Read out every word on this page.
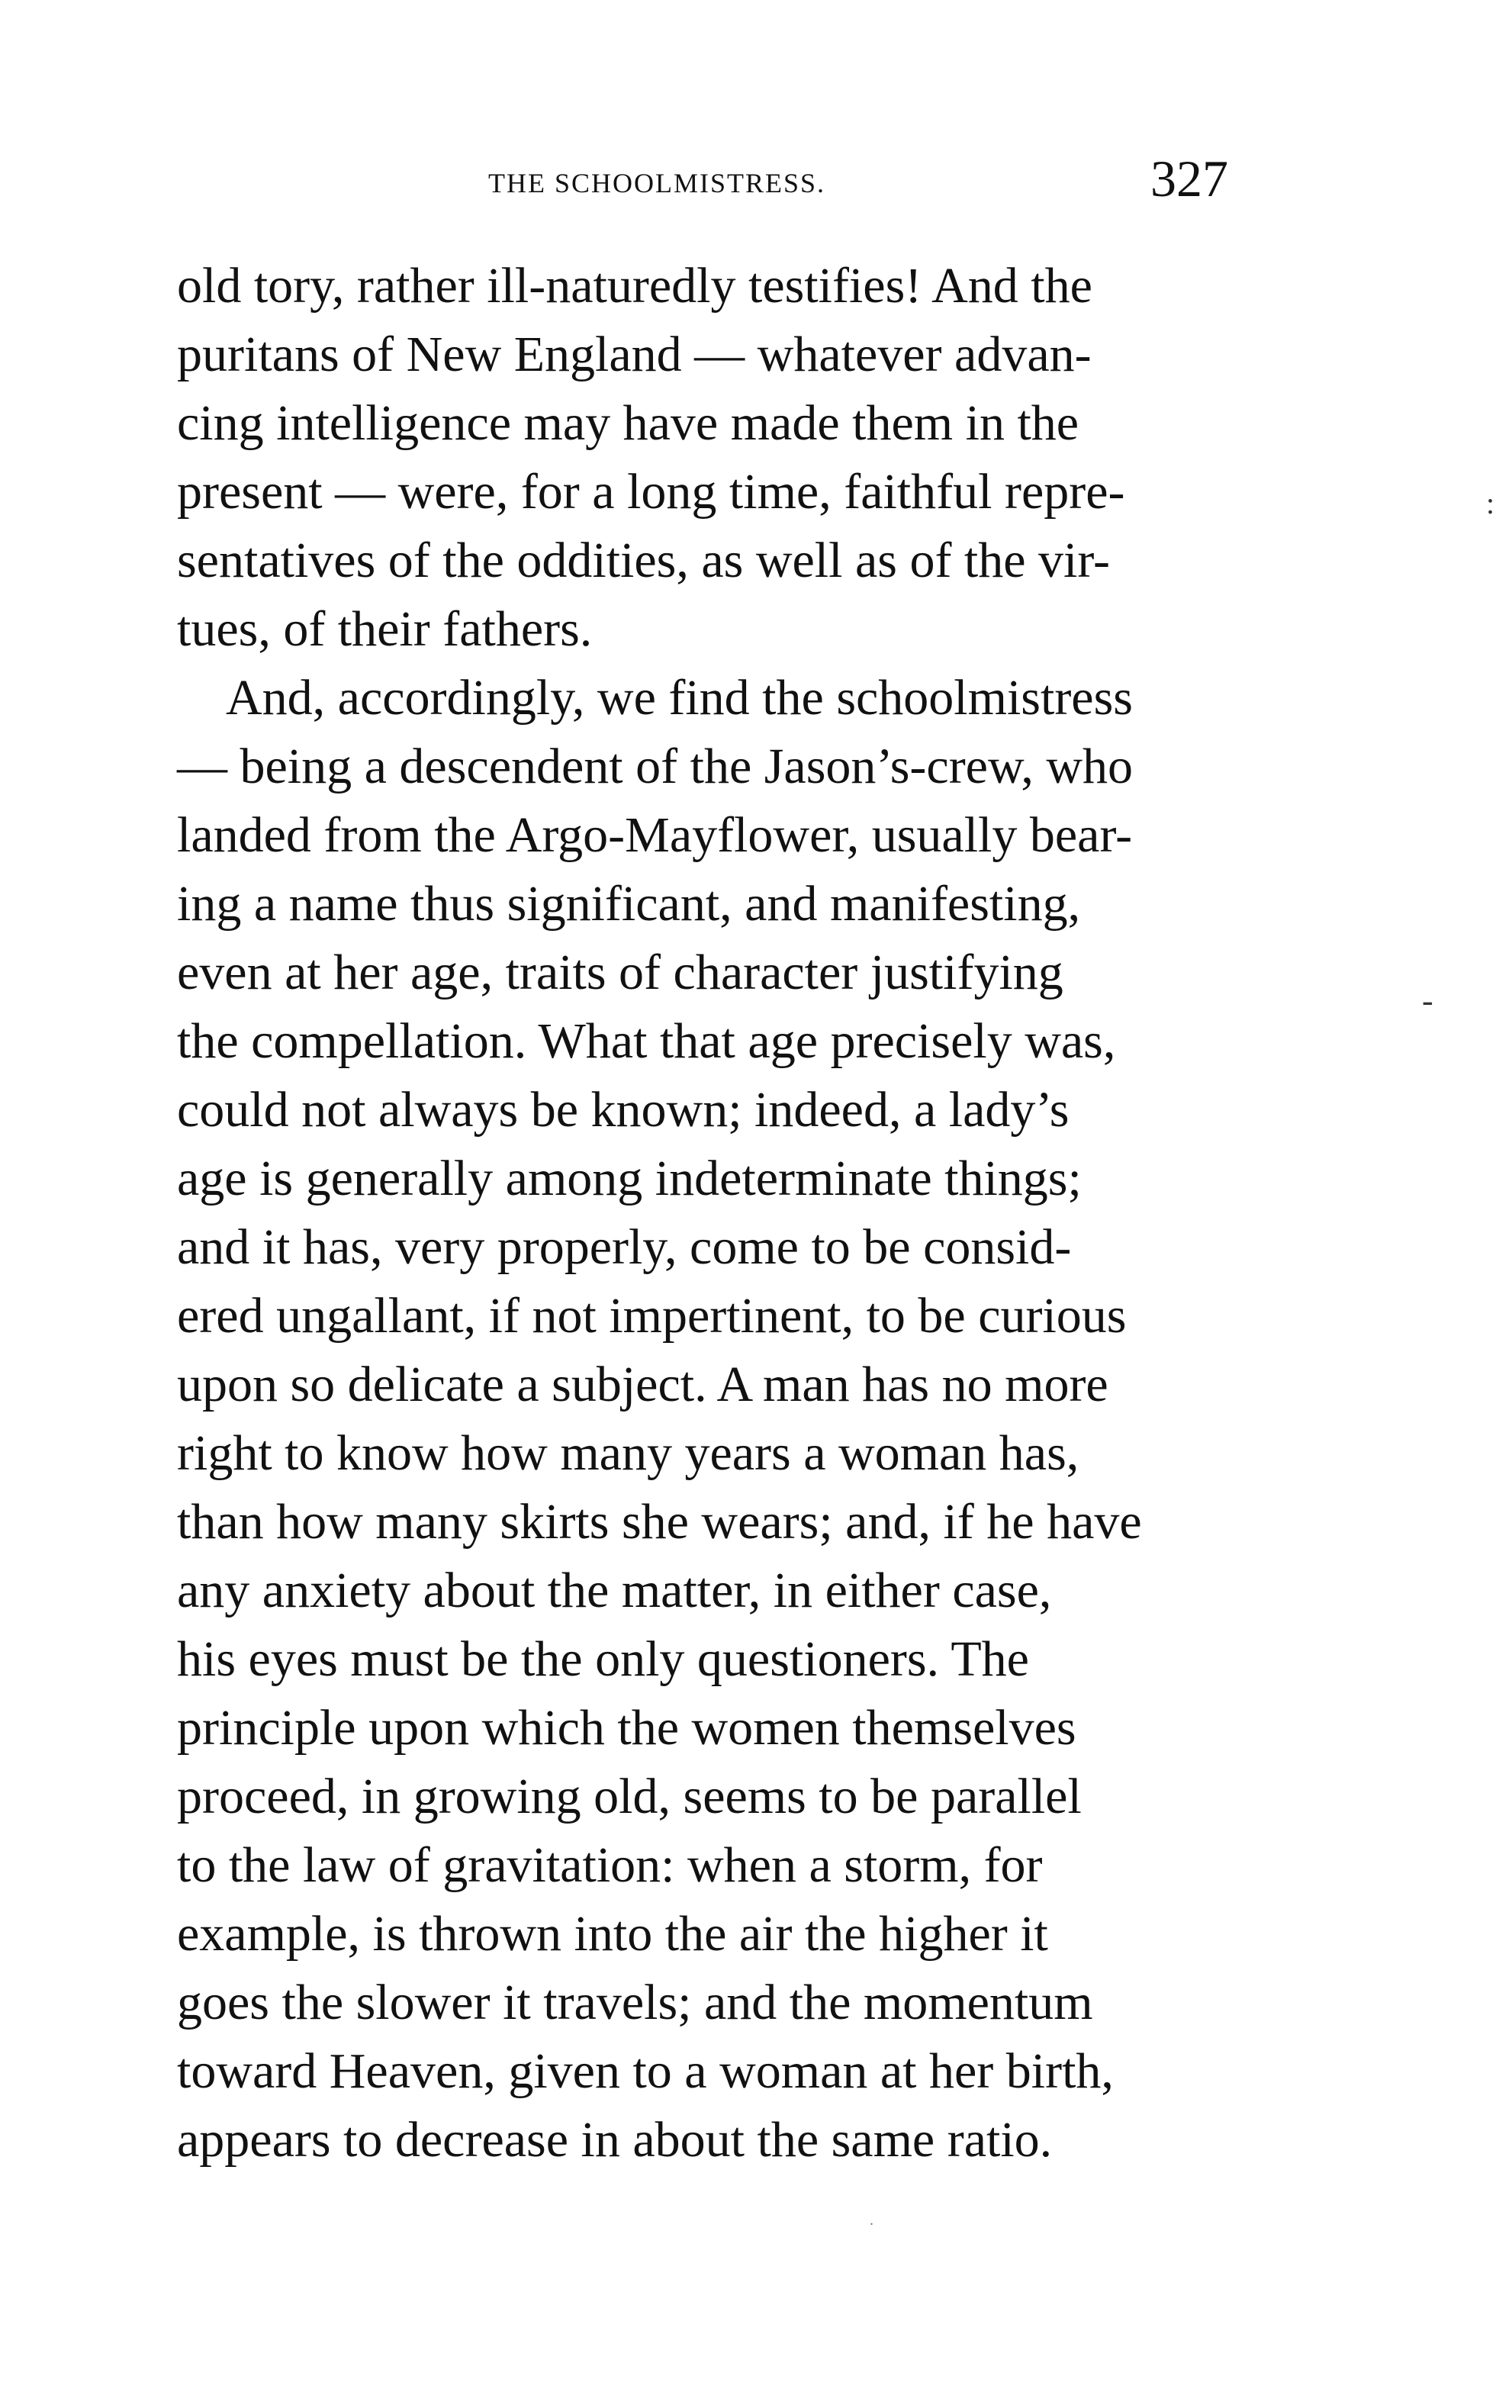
THE SCHOOLMISTRESS.	327
old tory, rather ill-naturedly testifies! And the
puritans of New England — whatever advan-
cing intelligence may have made them in the
present — were, for a long time, faithful repre-
sentatives of the oddities, as well as of the vir-
tues, of their fathers.
And, accordingly, we find the schoolmistress
— being a descendent of the Jason’s-crew, who
landed from the Argo-Mayflower, usually bear-
ing a name thus significant, and manifesting,
even at her age, traits of character justifying
the compellation. What that age precisely was,
could not always be known; indeed, a lady’s
age is generally among indeterminate things;
and it has, very properly, come to be consid-
ered ungallant, if not impertinent, to be curious
upon so delicate a subject. A man has no more
right to know how many years a woman has,
than how many skirts she wears; and, if he have
any anxiety about the matter, in either case,
his eyes must be the only questioners. The
principle upon which the women themselves
proceed, in growing old, seems to be parallel
to the law of gravitation: when a storm, for
example, is thrown into the air the higher it
goes the slower it travels; and the momentum
toward Heaven, given to a woman at her birth,
appears to decrease in about the same ratio.
:
-
.
